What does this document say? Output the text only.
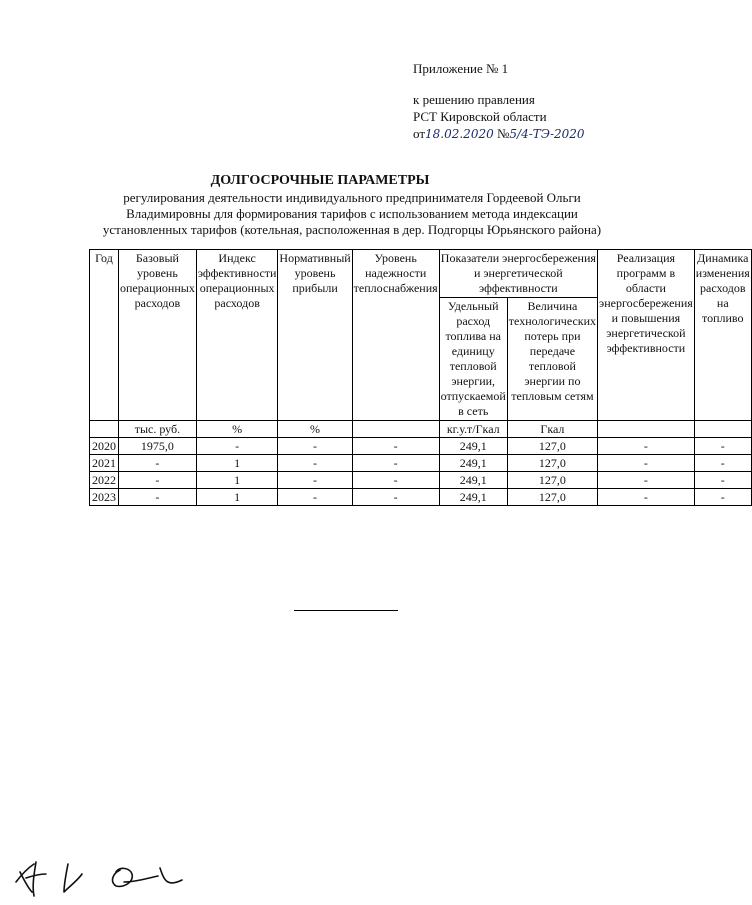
Приложение № 1
к решению правления
РСТ Кировской области
от18.02.2020 №5/4-ТЭ-2020
ДОЛГОСРОЧНЫЕ ПАРАМЕТРЫ
регулирования деятельности индивидуального предпринимателя Гордеевой Ольги Владимировны для формирования тарифов с использованием метода индексации установленных тарифов (котельная, расположенная в дер. Подгорцы Юрьянского района)
Год	Базовый уровень операционных расходов	Индекс эффективности операционных расходов	Нормативный уровень прибыли	Уровень надежности теплоснабжения	Показатели энергосбережения и энергетической эффективности		Реализация программ в области энергосбережения и повышения энергетической эффективности	Динамика изменения расходов на топливо
					Удельный расход топлива на единицу тепловой энергии, отпускаемой в сеть	Величина технологических потерь при передаче тепловой энергии по тепловым сетям		
	тыс. руб.	%	%		кг.у.т/Гкал	Гкал		
2020	1975,0	-	-	-	249,1	127,0	-	-
2021	-	1	-	-	249,1	127,0	-	-
2022	-	1	-	-	249,1	127,0	-	-
2023	-	1	-	-	249,1	127,0	-	-
